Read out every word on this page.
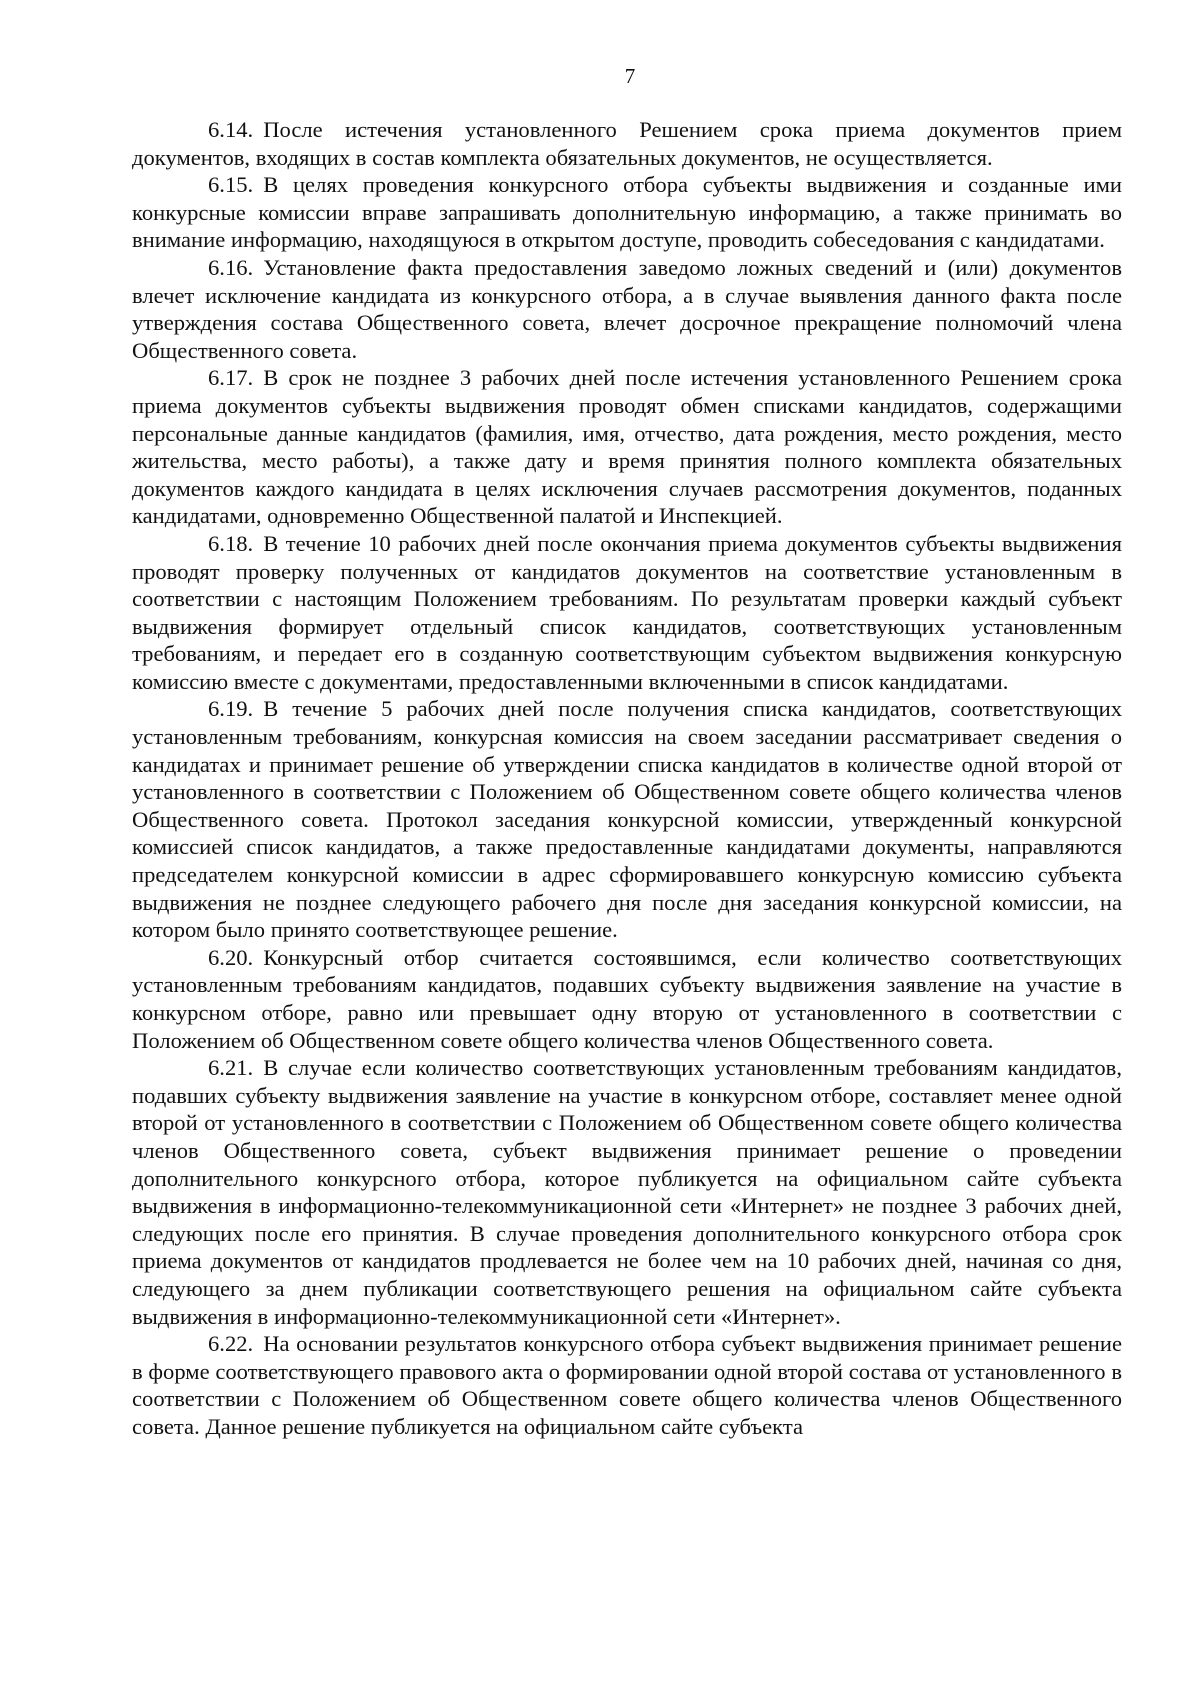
7

6.14. После истечения установленного Решением срока приема документов прием документов, входящих в состав комплекта обязательных документов, не осуществляется.

6.15. В целях проведения конкурсного отбора субъекты выдвижения и созданные ими конкурсные комиссии вправе запрашивать дополнительную информацию, а также принимать во внимание информацию, находящуюся в открытом доступе, проводить собеседования с кандидатами.

6.16. Установление факта предоставления заведомо ложных сведений и (или) документов влечет исключение кандидата из конкурсного отбора, а в случае выявления данного факта после утверждения состава Общественного совета, влечет досрочное прекращение полномочий члена Общественного совета.

6.17. В срок не позднее 3 рабочих дней после истечения установленного Решением срока приема документов субъекты выдвижения проводят обмен списками кандидатов, содержащими персональные данные кандидатов (фамилия, имя, отчество, дата рождения, место рождения, место жительства, место работы), а также дату и время принятия полного комплекта обязательных документов каждого кандидата в целях исключения случаев рассмотрения документов, поданных кандидатами, одновременно Общественной палатой и Инспекцией.

6.18. В течение 10 рабочих дней после окончания приема документов субъекты выдвижения проводят проверку полученных от кандидатов документов на соответствие установленным в соответствии с настоящим Положением требованиям. По результатам проверки каждый субъект выдвижения формирует отдельный список кандидатов, соответствующих установленным требованиям, и передает его в созданную соответствующим субъектом выдвижения конкурсную комиссию вместе с документами, предоставленными включенными в список кандидатами.

6.19. В течение 5 рабочих дней после получения списка кандидатов, соответствующих установленным требованиям, конкурсная комиссия на своем заседании рассматривает сведения о кандидатах и принимает решение об утверждении списка кандидатов в количестве одной второй от установленного в соответствии с Положением об Общественном совете общего количества членов Общественного совета. Протокол заседания конкурсной комиссии, утвержденный конкурсной комиссией список кандидатов, а также предоставленные кандидатами документы, направляются председателем конкурсной комиссии в адрес сформировавшего конкурсную комиссию субъекта выдвижения не позднее следующего рабочего дня после дня заседания конкурсной комиссии, на котором было принято соответствующее решение.

6.20. Конкурсный отбор считается состоявшимся, если количество соответствующих установленным требованиям кандидатов, подавших субъекту выдвижения заявление на участие в конкурсном отборе, равно или превышает одну вторую от установленного в соответствии с Положением об Общественном совете общего количества членов Общественного совета.

6.21. В случае если количество соответствующих установленным требованиям кандидатов, подавших субъекту выдвижения заявление на участие в конкурсном отборе, составляет менее одной второй от установленного в соответствии с Положением об Общественном совете общего количества членов Общественного совета, субъект выдвижения принимает решение о проведении дополнительного конкурсного отбора, которое публикуется на официальном сайте субъекта выдвижения в информационно-телекоммуникационной сети «Интернет» не позднее 3 рабочих дней, следующих после его принятия. В случае проведения дополнительного конкурсного отбора срок приема документов от кандидатов продлевается не более чем на 10 рабочих дней, начиная со дня, следующего за днем публикации соответствующего решения на официальном сайте субъекта выдвижения в информационно-телекоммуникационной сети «Интернет».

6.22. На основании результатов конкурсного отбора субъект выдвижения принимает решение в форме соответствующего правового акта о формировании одной второй состава от установленного в соответствии с Положением об Общественном совете общего количества членов Общественного совета. Данное решение публикуется на официальном сайте субъекта
